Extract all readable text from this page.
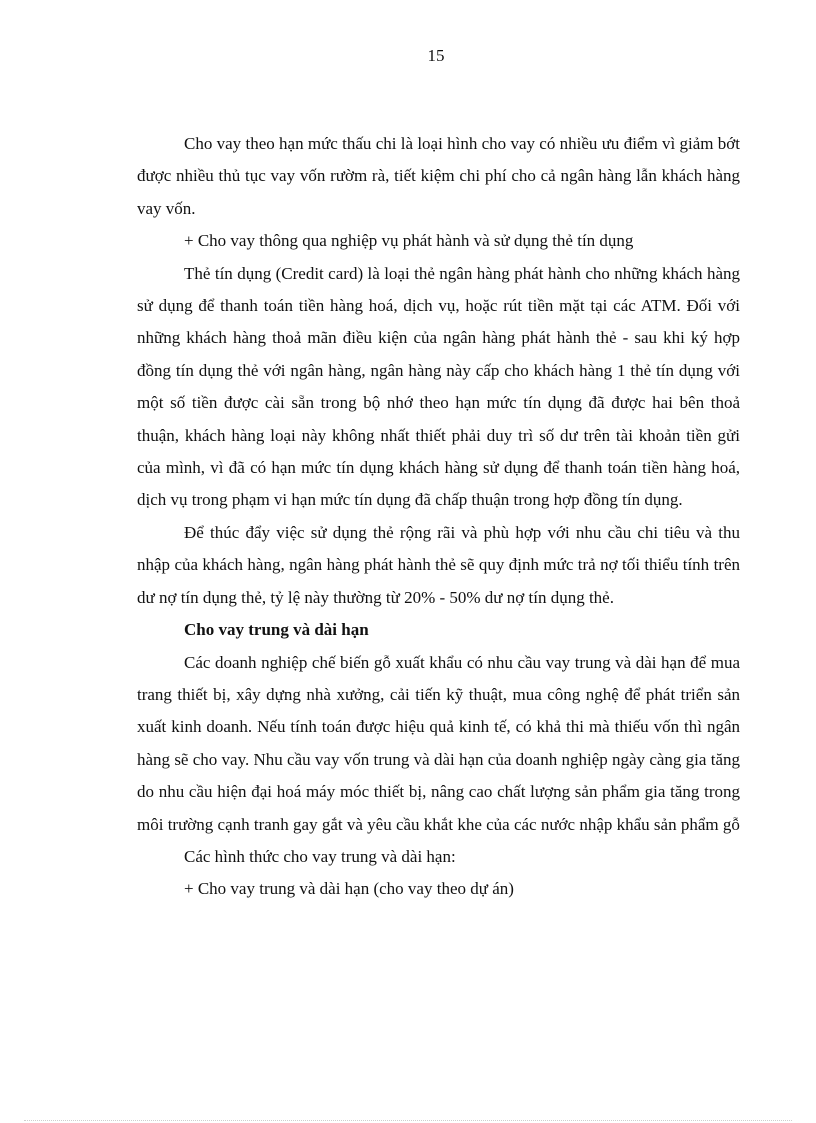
15

Cho vay theo hạn mức thấu chi là loại hình cho vay có nhiều ưu điểm vì giảm bớt được nhiều thủ tục vay vốn rườm rà, tiết kiệm chi phí cho cả ngân hàng lẫn khách hàng vay vốn.

+ Cho vay thông qua nghiệp vụ phát hành và sử dụng thẻ tín dụng

Thẻ tín dụng (Credit card) là loại thẻ ngân hàng phát hành cho những khách hàng sử dụng để thanh toán tiền hàng hoá, dịch vụ, hoặc rút tiền mặt tại các ATM. Đối với những khách hàng thoả mãn điều kiện của ngân hàng phát hành thẻ - sau khi ký hợp đồng tín dụng thẻ với ngân hàng, ngân hàng này cấp cho khách hàng 1 thẻ tín dụng với một số tiền được cài sẵn trong bộ nhớ theo hạn mức tín dụng đã được hai bên thoả thuận, khách hàng loại này không nhất thiết phải duy trì số dư trên tài khoản tiền gửi của mình, vì đã có hạn mức tín dụng khách hàng sử dụng để thanh toán tiền hàng hoá, dịch vụ trong phạm vi hạn mức tín dụng đã chấp thuận trong hợp đồng tín dụng.

Để thúc đẩy việc sử dụng thẻ rộng rãi và phù hợp với nhu cầu chi tiêu và thu nhập của khách hàng, ngân hàng phát hành thẻ sẽ quy định mức trả nợ tối thiểu tính trên dư nợ tín dụng thẻ, tỷ lệ này thường từ 20% - 50% dư nợ tín dụng thẻ.

Cho vay trung và dài hạn

Các doanh nghiệp chế biến gỗ xuất khẩu có nhu cầu vay trung và dài hạn để mua trang thiết bị, xây dựng nhà xưởng, cải tiến kỹ thuật, mua công nghệ để phát triển sản xuất kinh doanh. Nếu tính toán được hiệu quả kinh tế, có khả thi mà thiếu vốn thì ngân hàng sẽ cho vay. Nhu cầu vay vốn trung và dài hạn của doanh nghiệp ngày càng gia tăng do nhu cầu hiện đại hoá máy móc thiết bị, nâng cao chất lượng sản phẩm gia tăng trong môi trường cạnh tranh gay gắt và yêu cầu khắt khe của các nước nhập khẩu sản phẩm gỗ

Các hình thức cho vay trung và dài hạn:

+ Cho vay trung và dài hạn (cho vay theo dự án)
